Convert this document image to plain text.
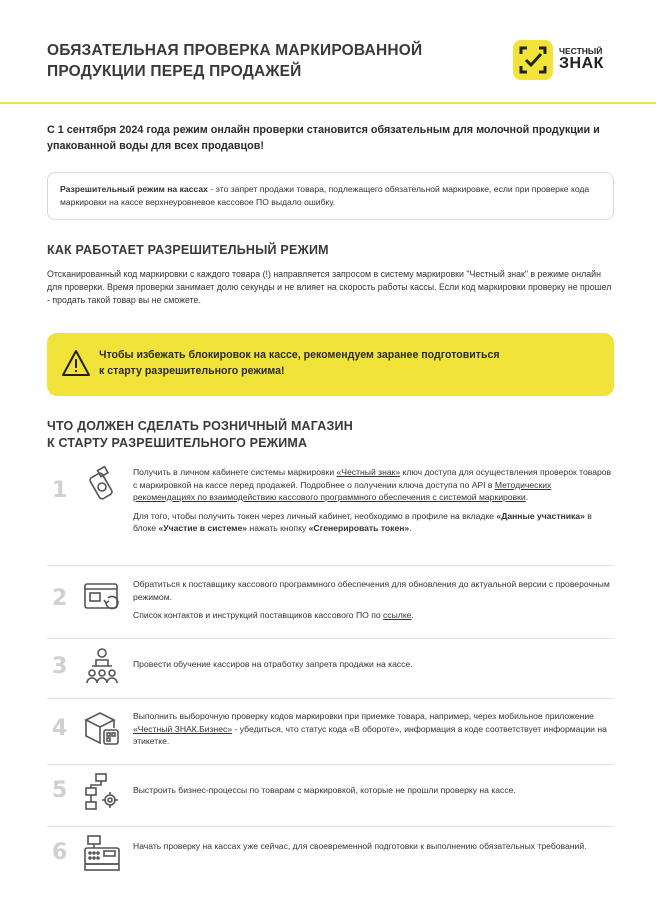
ОБЯЗАТЕЛЬНАЯ ПРОВЕРКА МАРКИРОВАННОЙ
ПРОДУКЦИИ ПЕРЕД ПРОДАЖЕЙ
ЧЕСТНЫЙ
ЗНАК
С 1 сентября 2024 года режим онлайн проверки становится обязательным для молочной продукции и упакованной воды для всех продавцов!
Разрешительный режим на кассах - это запрет продажи товара, подлежащего обязательной маркировке, если при проверке кода маркировки на кассе верхнеуровневое кассовое ПО выдало ошибку.
КАК РАБОТАЕТ РАЗРЕШИТЕЛЬНЫЙ РЕЖИМ
Отсканированный код маркировки с каждого товара (!) направляется запросом в систему маркировки "Честный знак" в режиме онлайн для проверки. Время проверки занимает долю секунды и не влияет на скорость работы кассы. Если код маркировки проверку не прошел - продать такой товар вы не сможете.
Чтобы избежать блокировок на кассе, рекомендуем заранее подготовиться
к старту разрешительного режима!
ЧТО ДОЛЖЕН СДЕЛАТЬ РОЗНИЧНЫЙ МАГАЗИН
К СТАРТУ РАЗРЕШИТЕЛЬНОГО РЕЖИМА
1

Получить в личном кабинете системы маркировки «Честный знак» ключ доступа для осуществления проверок товаров с маркировкой на кассе перед продажей. Подробнее о получении ключа доступа по API в Методических рекомендациях по взаимодействию кассового программного обеспечения с системой маркировки.

Для того, чтобы получить токен через личный кабинет, необходимо в профиле на вкладке «Данные участника» в блоке «Участие в системе» нажать кнопку «Сгенерировать токен».

2

Обратиться к поставщику кассового программного обеспечения для обновления до актуальной версии с проверочным режимом.

Список контактов и инструкций поставщиков кассового ПО по ссылке.

3	Провести обучение кассиров на отработку запрета продажи на кассе.

4	Выполнить выборочную проверку кодов маркировки при приемке товара, например, через мобильное приложение «Честный ЗНАК.Бизнес» - убедиться, что статус кода «В обороте», информация в коде соответствует информации на этикетке.

5	Выстроить бизнес-процессы по товарам с маркировкой, которые не прошли проверку на кассе.

6	Начать проверку на кассах уже сейчас, для своевременной подготовки к выполнению обязательных требований.
